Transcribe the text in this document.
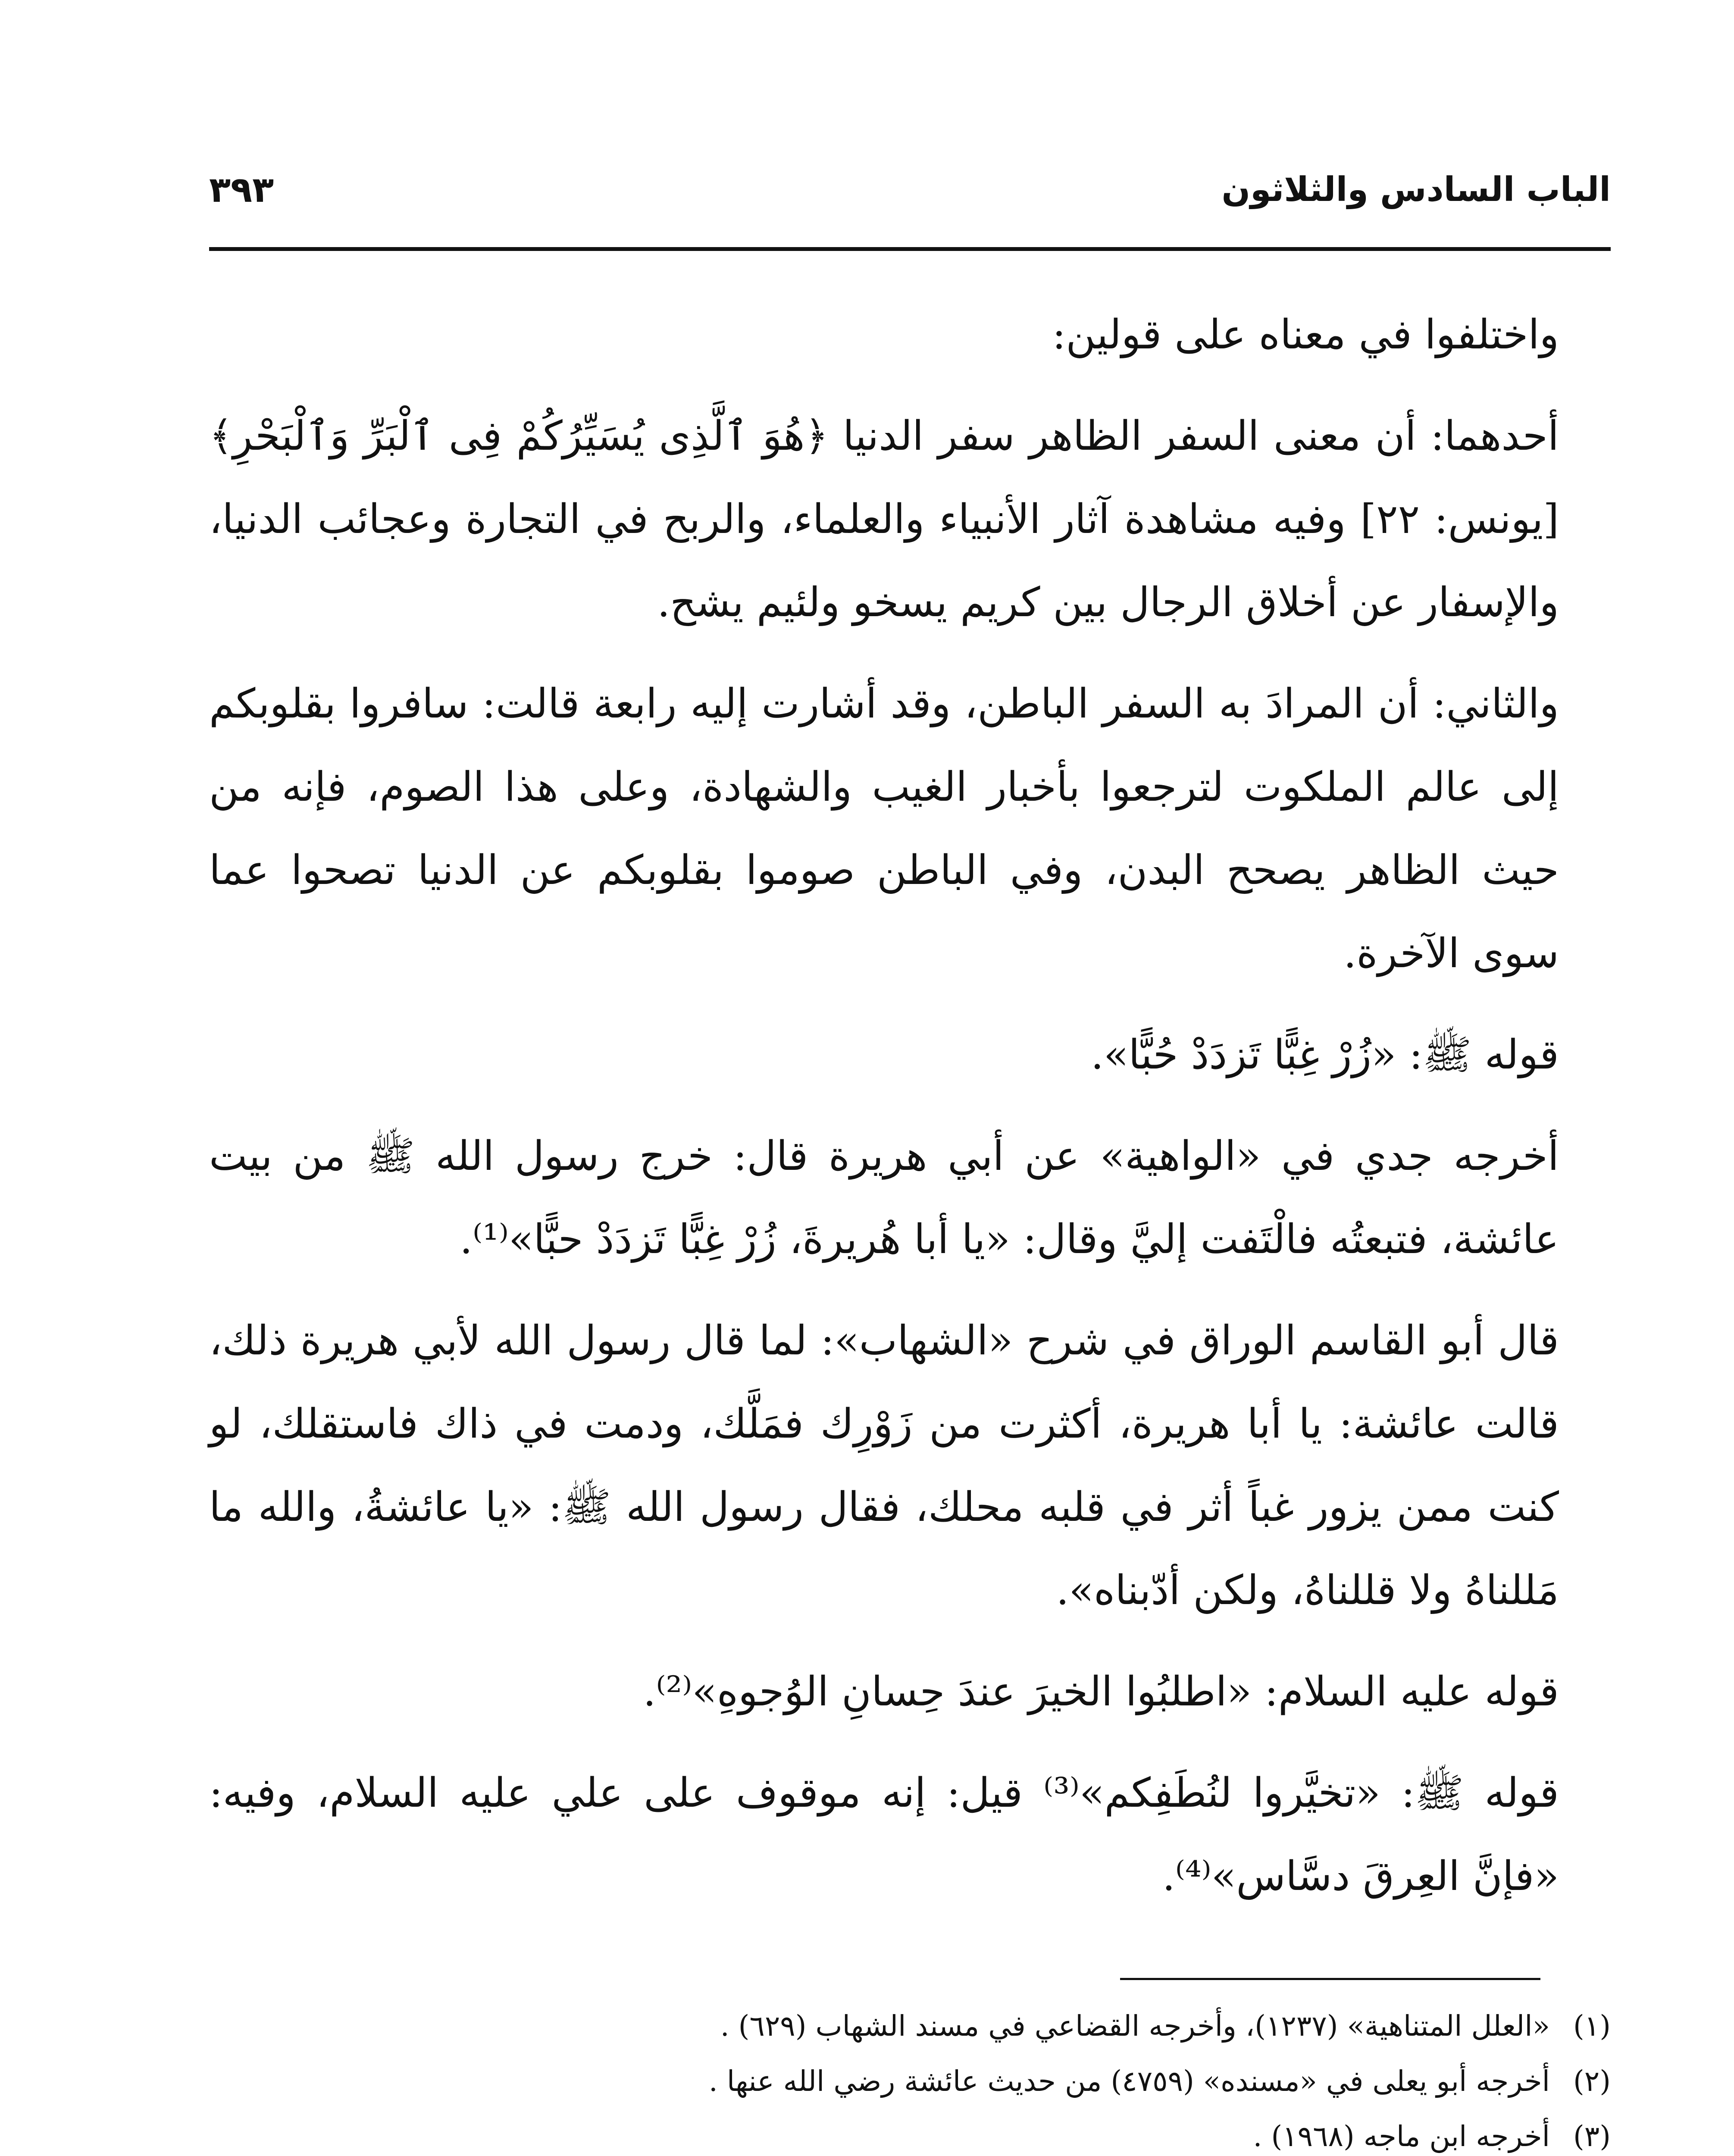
الباب السادس والثلاثون
٣٩٣

واختلفوا في معناه على قولين:

أحدهما: أن معنى السفر الظاهر سفر الدنيا ﴿هُوَ ٱلَّذِى يُسَيِّرُكُمْ فِى ٱلْبَرِّ وَٱلْبَحْرِ﴾ [يونس: ٢٢] وفيه مشاهدة آثار الأنبياء والعلماء، والربح في التجارة وعجائب الدنيا، والإسفار عن أخلاق الرجال بين كريم يسخو ولئيم يشح.

والثاني: أن المرادَ به السفر الباطن، وقد أشارت إليه رابعة قالت: سافروا بقلوبكم إلى عالم الملكوت لترجعوا بأخبار الغيب والشهادة، وعلى هذا الصوم، فإنه من حيث الظاهر يصحح البدن، وفي الباطن صوموا بقلوبكم عن الدنيا تصحوا عما سوى الآخرة.

قوله ﷺ: «زُرْ غِبًّا تَزدَدْ حُبًّا».

أخرجه جدي في «الواهية» عن أبي هريرة قال: خرج رسول الله ﷺ من بيت عائشة، فتبعتُه فالْتَفت إليَّ وقال: «يا أبا هُريرةَ، زُرْ غِبًّا تَزدَدْ حبًّا»⁽¹⁾.

قال أبو القاسم الوراق في شرح «الشهاب»: لما قال رسول الله لأبي هريرة ذلك، قالت عائشة: يا أبا هريرة، أكثرت من زَوْرِك فمَلَّك، ودمت في ذاك فاستقلك، لو كنت ممن يزور غباً أثر في قلبه محلك، فقال رسول الله ﷺ: «يا عائشةُ، والله ما مَللناهُ ولا قللناهُ، ولكن أدّبناه».

قوله عليه السلام: «اطلبُوا الخيرَ عندَ حِسانِ الوُجوهِ»⁽²⁾.

قوله ﷺ: «تخيَّروا لنُطَفِكم»⁽³⁾ قيل: إنه موقوف على علي عليه السلام، وفيه: «فإنَّ العِرقَ دسَّاس»⁽⁴⁾.

(١) «العلل المتناهية» (١٢٣٧)، وأخرجه القضاعي في مسند الشهاب (٦٢٩) .

(٢) أخرجه أبو يعلى في «مسنده» (٤٧٥٩) من حديث عائشة رضي الله عنها .

(٣) أخرجه ابن ماجه (١٩٦٨) .
